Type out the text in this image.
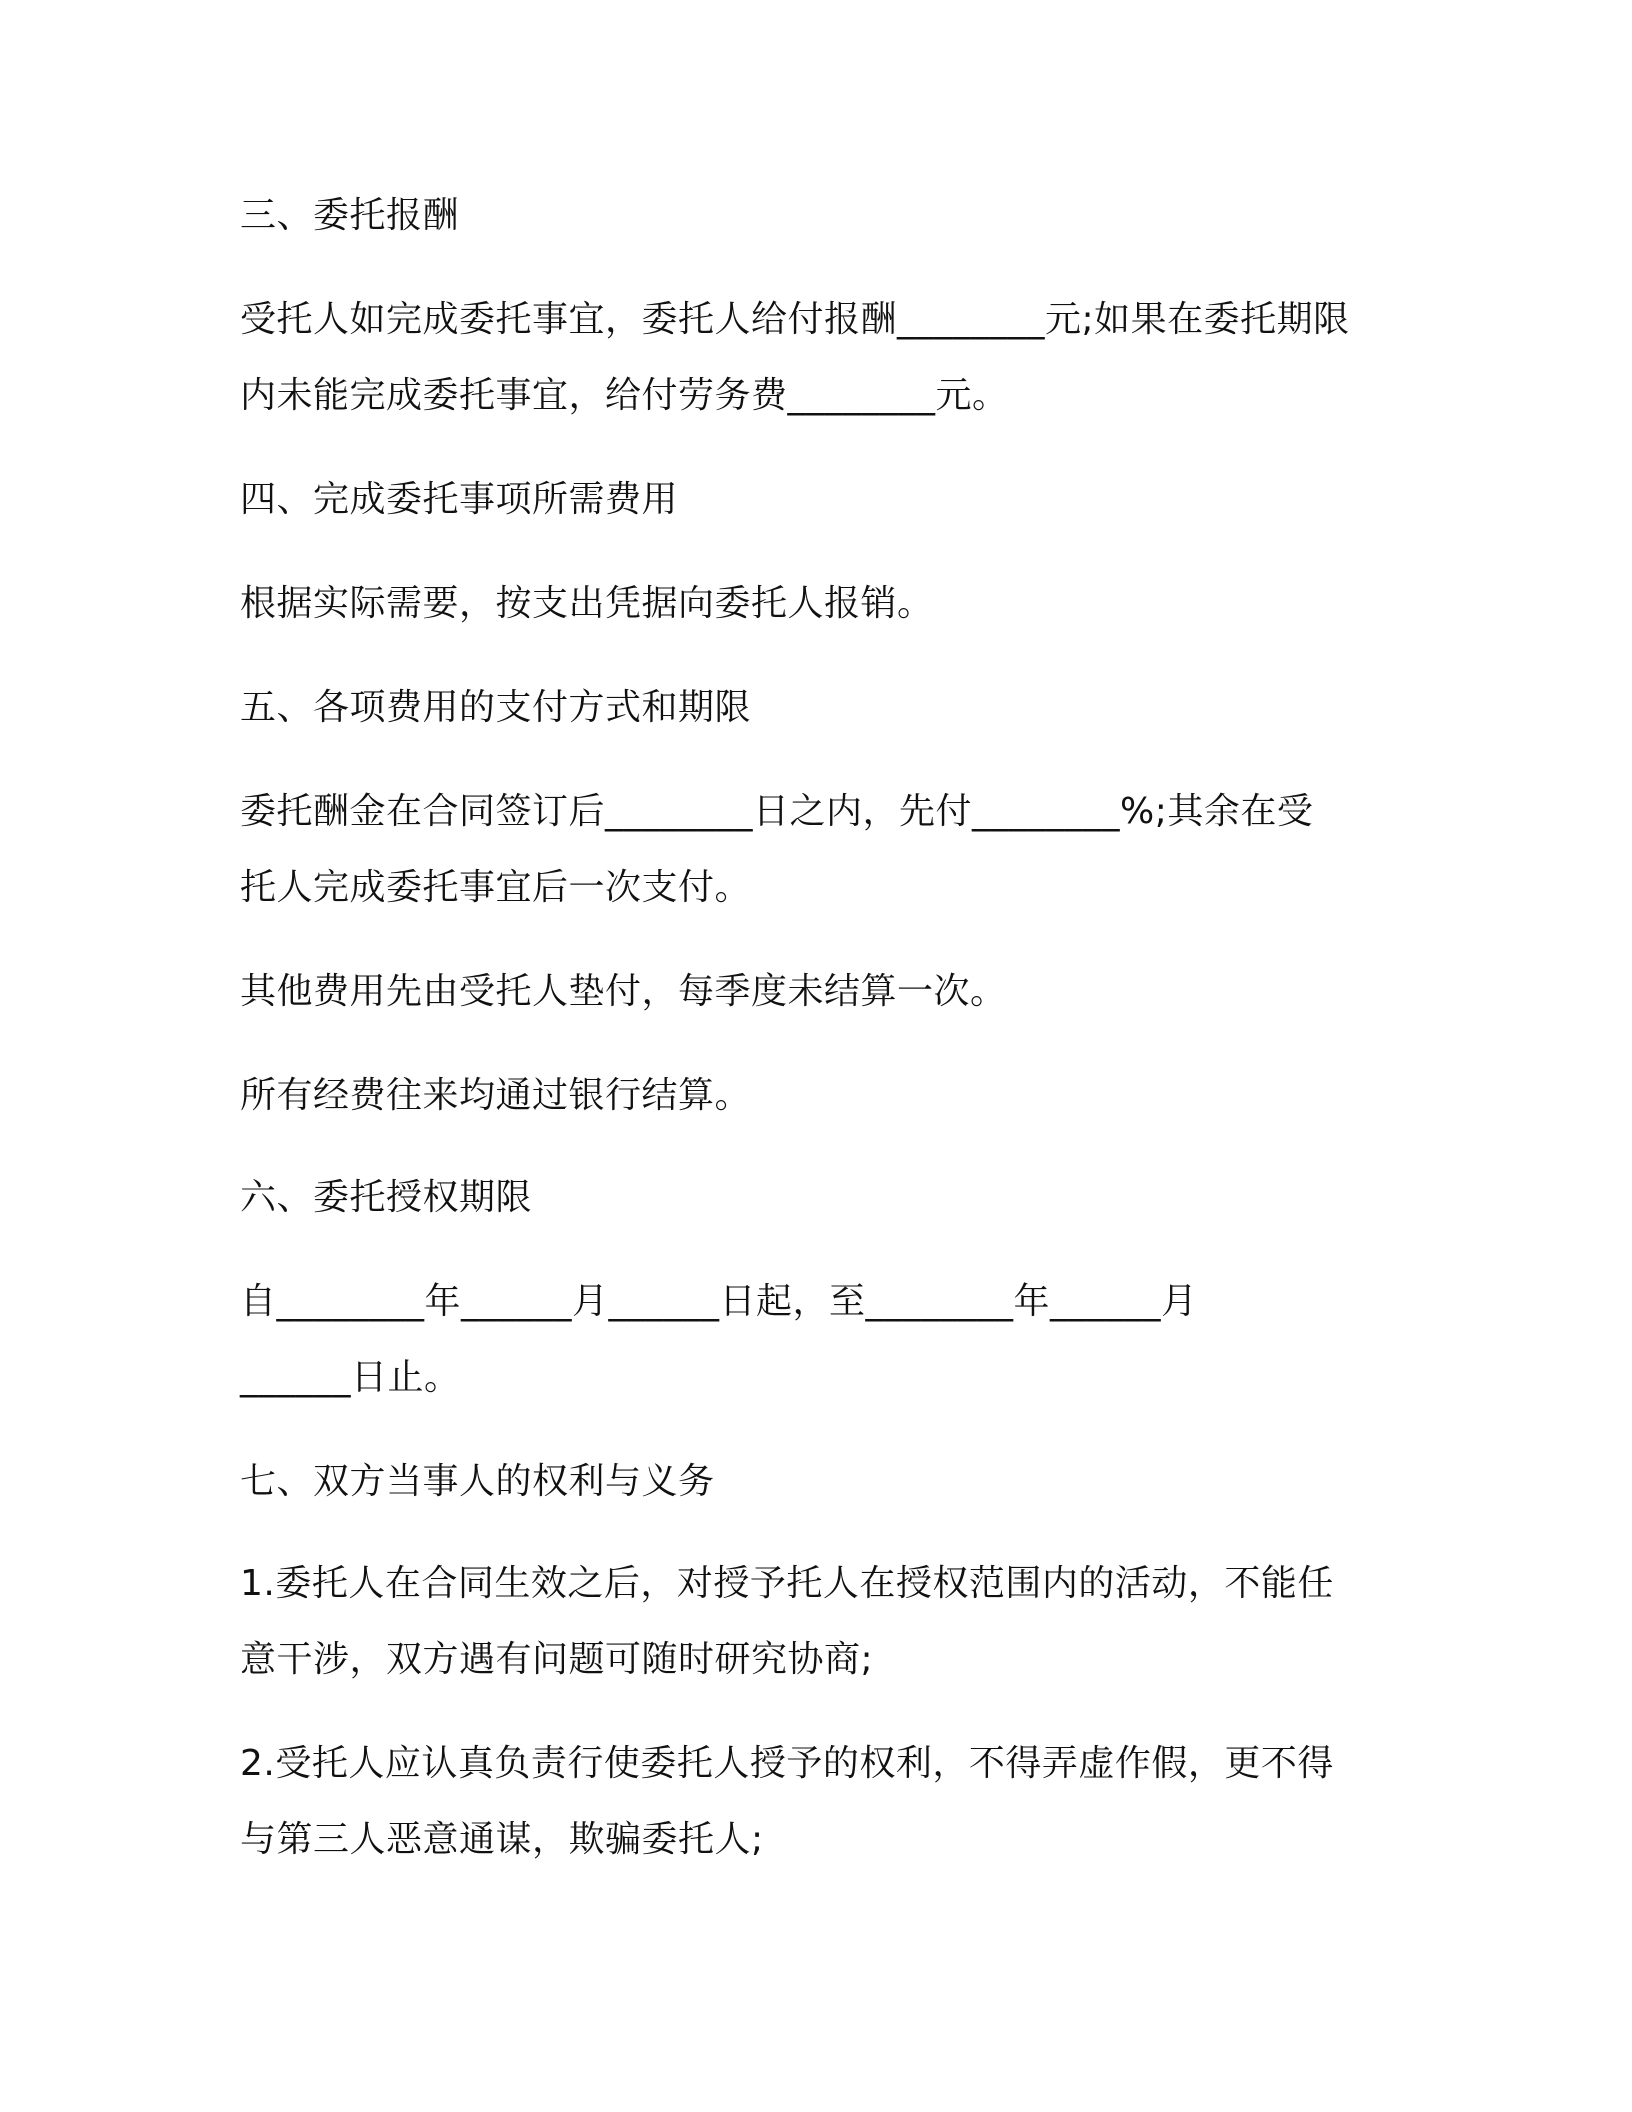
三、委托报酬
受托人如完成委托事宜，委托人给付报酬________元;如果在委托期限
内未能完成委托事宜，给付劳务费________元。
四、完成委托事项所需费用
根据实际需要，按支出凭据向委托人报销。
五、各项费用的支付方式和期限
委托酬金在合同签订后________日之内，先付________%;其余在受
托人完成委托事宜后一次支付。
其他费用先由受托人垫付，每季度未结算一次。
所有经费往来均通过银行结算。
六、委托授权期限
自________年______月______日起，至________年______月
______日止。
七、双方当事人的权利与义务
1.委托人在合同生效之后，对授予托人在授权范围内的活动，不能任
意干涉，双方遇有问题可随时研究协商;
2.受托人应认真负责行使委托人授予的权利，不得弄虚作假，更不得
与第三人恶意通谋，欺骗委托人;
